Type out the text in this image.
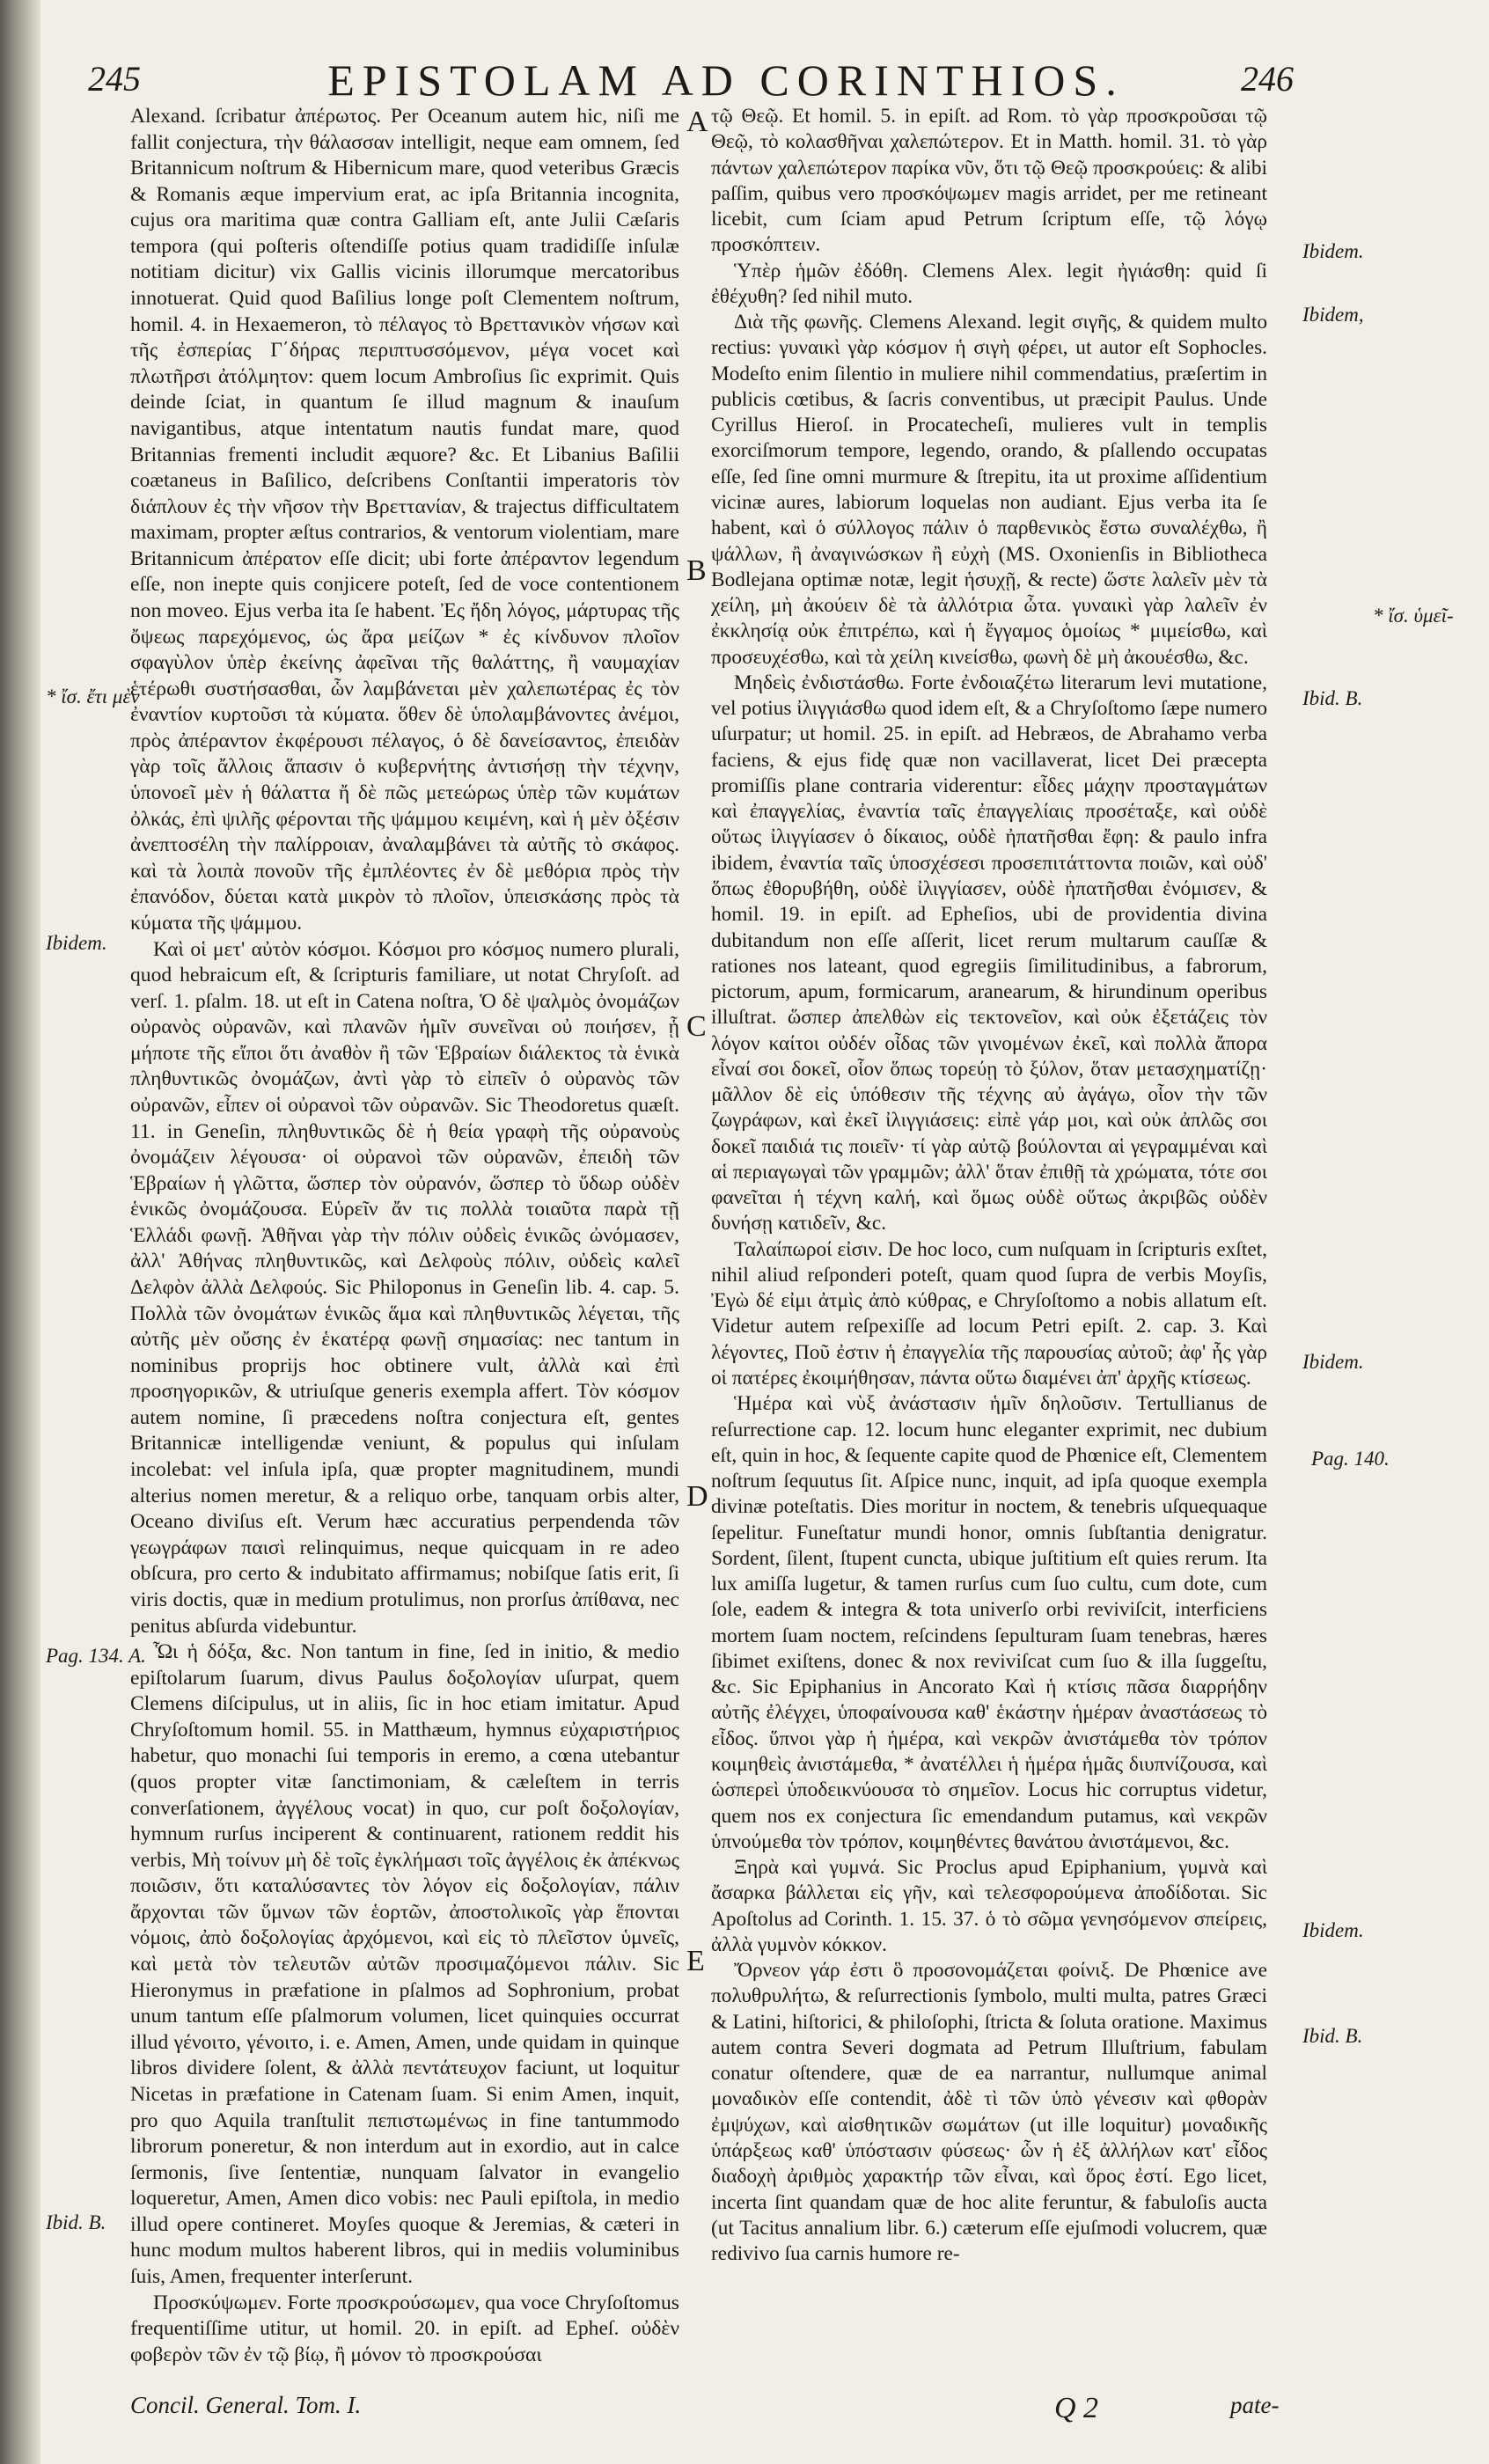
245	EPISTOLAM AD CORINTHIOS.	246
* ἴσ. ἔτι μὲν
Ibidem.
Pag. 134. A.
Ibid. B.
A
B
C
D
E

Alexand. ſcribatur ἀπέρωτος. Per Oceanum autem hic, niſi me fallit conjectura, τὴν θάλασσαν intelligit, neque eam omnem, ſed Britannicum noſtrum & Hibernicum mare, quod veteribus Græcis & Romanis æque impervium erat, ac ipſa Britannia incognita, cujus ora maritima quæ contra Galliam eſt, ante Julii Cæſaris tempora (qui poſteris oſtendiſſe potius quam tradidiſſe inſulæ notitiam dicitur) vix Gallis vicinis illorumque mercatoribus innotuerat. Quid quod Baſilius longe poſt Clementem noſtrum, homil. 4. in Hexaemeron, τὸ πέλαγος τὸ Βρεττανικὸν νήσων καὶ τῆς ἐσπερίας Γ΄δήρας περιπτυσσόμενον, μέγα vocet καὶ πλωτῆρσι ἀτόλμητον: quem locum Ambroſius ſic exprimit. Quis deinde ſciat, in quantum ſe illud magnum & inauſum navigantibus, atque intentatum nautis fundat mare, quod Britannias frementi includit æquore? &c. Et Libanius Baſilii coætaneus in Baſilico, deſcribens Conſtantii imperatoris τὸν διάπλουν ἐς τὴν νῆσον τὴν Βρεττανίαν, & trajectus difficultatem maximam, propter æſtus contrarios, & ventorum violentiam, mare Britannicum ἀπέρατον eſſe dicit; ubi forte ἀπέραντον legendum eſſe, non inepte quis conjicere poteſt, ſed de voce contentionem non moveo. Ejus verba ita ſe habent. Ἐς ἤδη λόγος, μάρτυρας τῆς ὄψεως παρεχόμενος, ὡς ἄρα μείζων * ἐς κίνδυνον πλοῖον σφαγὺλον ὑπὲρ ἐκείνης ἀφεῖναι τῆς θαλάττης, ἢ ναυμαχίαν ἑτέρωθι συστήσασθαι, ὧν λαμβάνεται μὲν χαλεπωτέρας ἐς τὸν ἐναντίον κυρτοῦσι τὰ κύματα. ὅθεν δὲ ὑπολαμβάνοντες ἀνέμοι, πρὸς ἀπέραντον ἐκφέρουσι πέλαγος, ὁ δὲ δανείσαντος, ἐπειδὰν γὰρ τοῖς ἄλλοις ἅπασιν ὁ κυβερνήτης ἀντισήσῃ τὴν τέχνην, ὑπονοεῖ μὲν ἡ θάλαττα ἤ δὲ πῶς μετεώρως ὑπὲρ τῶν κυμάτων ὀλκάς, ἐπὶ ψιλῆς φέρονται τῆς ψάμμου κειμένη, καὶ ἡ μὲν ὀξέσιν ἀνεπτοσέλη τὴν παλίρροιαν, ἀναλαμβάνει τὰ αὐτῆς τὸ σκάφος. καὶ τὰ λοιπὰ πονοῦν τῆς ἐμπλέοντες ἐν δὲ μεθόρια πρὸς τὴν ἐπανόδον, δύεται κατὰ μικρὸν τὸ πλοῖον, ὑπεισκάσης πρὸς τὰ κύματα τῆς ψάμμου.

Καὶ οἱ μετ' αὐτὸν κόσμοι. Κόσμοι pro κόσμος numero plurali, quod hebraicum eſt, & ſcripturis familiare, ut notat Chryſoſt. ad verſ. 1. pſalm. 18. ut eſt in Catena noſtra, Ὁ δὲ ψαλμὸς ὀνομάζων οὐρανὸς οὐρανῶν, καὶ πλανῶν ἡμῖν συνεῖναι οὐ ποιήσεν, ᾗ μήποτε τῆς εἴποι ὅτι ἀναθὸν ἢ τῶν Ἑβραίων διάλεκτος τὰ ἑνικὰ πληθυντικῶς ὀνομάζων, ἀντὶ γὰρ τὸ εἰπεῖν ὁ οὐρανὸς τῶν οὐρανῶν, εἶπεν οἱ οὐρανοὶ τῶν οὐρανῶν. Sic Theodoretus quæſt. 11. in Geneſin, πληθυντικῶς δὲ ἡ θεία γραφὴ τῆς οὐρανοὺς ὀνομάζειν λέγουσα· οἱ οὐρανοὶ τῶν οὐρανῶν, ἐπειδὴ τῶν Ἑβραίων ἡ γλῶττα, ὥσπερ τὸν οὐρανόν, ὥσπερ τὸ ὕδωρ οὐδὲν ἑνικῶς ὀνομάζουσα. Εὑρεῖν ἄν τις πολλὰ τοιαῦτα παρὰ τῇ Ἑλλάδι φωνῇ. Ἀθῆναι γὰρ τὴν πόλιν οὐδεὶς ἑνικῶς ὠνόμασεν, ἀλλ' Ἀθήνας πληθυντικῶς, καὶ Δελφοὺς πόλιν, οὐδεὶς καλεῖ Δελφὸν ἀλλὰ Δελφούς. Sic Philoponus in Geneſin lib. 4. cap. 5. Πολλὰ τῶν ὀνομάτων ἑνικῶς ἅμα καὶ πληθυντικῶς λέγεται, τῆς αὐτῆς μὲν οὔσης ἐν ἑκατέρᾳ φωνῇ σημασίας: nec tantum in nominibus proprijs hoc obtinere vult, ἀλλὰ καὶ ἐπὶ προσηγορικῶν, & utriuſque generis exempla affert. Τὸν κόσμον autem nomine, ſi præcedens noſtra conjectura eſt, gentes Britannicæ intelligendæ veniunt, & populus qui inſulam incolebat: vel inſula ipſa, quæ propter magnitudinem, mundi alterius nomen meretur, & a reliquo orbe, tanquam orbis alter, Oceano diviſus eſt. Verum hæc accuratius perpendenda τῶν γεωγράφων παισὶ relinquimus, neque quicquam in re adeo obſcura, pro certo & indubitato affirmamus; nobiſque ſatis erit, ſi viris doctis, quæ in medium protulimus, non prorſus ἀπίθανα, nec penitus abſurda videbuntur.

Ὧι ἡ δόξα, &c. Non tantum in fine, ſed in initio, & medio epiſtolarum ſuarum, divus Paulus δοξολογίαν uſurpat, quem Clemens diſcipulus, ut in aliis, ſic in hoc etiam imitatur. Apud Chryſoſtomum homil. 55. in Matthæum, hymnus εὐχαριστήριος habetur, quo monachi ſui temporis in eremo, a cœna utebantur (quos propter vitæ ſanctimoniam, & cæleſtem in terris converſationem, ἀγγέλους vocat) in quo, cur poſt δοξολογίαν, hymnum rurſus inciperent & continuarent, rationem reddit his verbis, Μὴ τοίνυν μὴ δὲ τοῖς ἐγκλήμασι τοῖς ἀγγέλοις ἐκ ἀπέκνως ποιῶσιν, ὅτι καταλύσαντες τὸν λόγον εἰς δοξολογίαν, πάλιν ἄρχονται τῶν ὕμνων τῶν ἑορτῶν, ἀποστολικοῖς γὰρ ἕπονται νόμοις, ἀπὸ δοξολογίας ἀρχόμενοι, καὶ εἰς τὸ πλεῖστον ὑμνεῖς, καὶ μετὰ τὸν τελευτῶν αὐτῶν προσιμαζόμενοι πάλιν. Sic Hieronymus in præfatione in pſalmos ad Sophronium, probat unum tantum eſſe pſalmorum volumen, licet quinquies occurrat illud γένοιτο, γένοιτο, i. e. Amen, Amen, unde quidam in quinque libros dividere ſolent, & ἀλλὰ πεντάτευχον faciunt, ut loquitur Nicetas in præfatione in Catenam ſuam. Si enim Amen, inquit, pro quo Aquila tranſtulit πεπιστωμένως in fine tantummodo librorum poneretur, & non interdum aut in exordio, aut in calce ſermonis, ſive ſententiæ, nunquam ſalvator in evangelio loqueretur, Amen, Amen dico vobis: nec Pauli epiſtola, in medio illud opere contineret. Moyſes quoque & Jeremias, & cæteri in hunc modum multos haberent libros, qui in mediis voluminibus ſuis, Amen, frequenter interſerunt.

Προσκύψωμεν. Forte προσκρούσωμεν, qua voce Chryſoſtomus frequentiſſime utitur, ut homil. 20. in epiſt. ad Epheſ. οὐδὲν φοβερὸν τῶν ἐν τῷ βίῳ, ἢ μόνον τὸ προσκρούσαι

τῷ Θεῷ. Et homil. 5. in epiſt. ad Rom. τὸ γὰρ προσκροῦσαι τῷ Θεῷ, τὸ κολασθῆναι χαλεπώτερον. Et in Matth. homil. 31. τὸ γὰρ πάντων χαλεπώτερον παρίκα νῦν, ὅτι τῷ Θεῷ προσκρούεις: & alibi paſſim, quibus vero προσκόψωμεν magis arridet, per me retineant licebit, cum ſciam apud Petrum ſcriptum eſſe, τῷ λόγῳ προσκόπτειν.

Ὑπὲρ ἡμῶν ἐδόθη. Clemens Alex. legit ἠγιάσθη: quid ſi ἐθέχυθη? ſed nihil muto.

Διὰ τῆς φωνῆς. Clemens Alexand. legit σιγῆς, & quidem multo rectius: γυναικὶ γὰρ κόσμον ἡ σιγὴ φέρει, ut autor eſt Sophocles. Modeſto enim ſilentio in muliere nihil commendatius, præſertim in publicis cœtibus, & ſacris conventibus, ut præcipit Paulus. Unde Cyrillus Hieroſ. in Procatecheſi, mulieres vult in templis exorciſmorum tempore, legendo, orando, & pſallendo occupatas eſſe, ſed ſine omni murmure & ſtrepitu, ita ut proxime aſſidentium vicinæ aures, labiorum loquelas non audiant. Ejus verba ita ſe habent, καὶ ὁ σύλλογος πάλιν ὁ παρθενικὸς ἔστω συναλέχθω, ἢ ψάλλων, ἢ ἀναγινώσκων ἢ εὐχὴ (MS. Oxonienſis in Bibliotheca Bodlejana optimæ notæ, legit ἡσυχῇ, & recte) ὥστε λαλεῖν μὲν τὰ χείλη, μὴ ἀκούειν δὲ τὰ ἀλλότρια ὦτα. γυναικὶ γὰρ λαλεῖν ἐν ἐκκλησίᾳ οὐκ ἐπιτρέπω, καὶ ἡ ἔγγαμος ὁμοίως * μιμείσθω, καὶ προσευχέσθω, καὶ τὰ χείλη κινείσθω, φωνὴ δὲ μὴ ἀκουέσθω, &c.

Μηδεὶς ἐνδιστάσθω. Forte ἐνδοιαζέτω literarum levi mutatione, vel potius ἰλιγγιάσθω quod idem eſt, & a Chryſoſtomo ſæpe numero uſurpatur; ut homil. 25. in epiſt. ad Hebræos, de Abrahamo verba faciens, & ejus fidę quæ non vacillaverat, licet Dei præcepta promiſſis plane contraria viderentur: εἶδες μάχην προσταγμάτων καὶ ἐπαγγελίας, ἐναντία ταῖς ἐπαγγελίαις προσέταξε, καὶ οὐδὲ οὕτως ἰλιγγίασεν ὁ δίκαιος, οὐδὲ ἠπατῆσθαι ἔφη: & paulo infra ibidem, ἐναντία ταῖς ὑποσχέσεσι προσεπιτάττοντα ποιῶν, καὶ οὐδ' ὅπως ἐθορυβήθη, οὐδὲ ἰλιγγίασεν, οὐδὲ ἠπατῆσθαι ἐνόμισεν, & homil. 19. in epiſt. ad Epheſios, ubi de providentia divina dubitandum non eſſe aſſerit, licet rerum multarum cauſſæ & rationes nos lateant, quod egregiis ſimilitudinibus, a fabrorum, pictorum, apum, formicarum, aranearum, & hirundinum operibus illuſtrat. ὥσπερ ἀπελθὼν εἰς τεκτονεῖον, καὶ οὐκ ἐξετάζεις τὸν λόγον καίτοι οὐδέν οἶδας τῶν γινομένων ἐκεῖ, καὶ πολλὰ ἄπορα εἶναί σοι δοκεῖ, οἷον ὅπως τορεύῃ τὸ ξύλον, ὅταν μετασχηματίζῃ· μᾶλλον δὲ εἰς ὑπόθεσιν τῆς τέχνης αὐ ἀγάγω, οἷον τὴν τῶν ζωγράφων, καὶ ἐκεῖ ἰλιγγιάσεις: εἰπὲ γάρ μοι, καὶ οὐκ ἀπλῶς σοι δοκεῖ παιδιά τις ποιεῖν· τί γὰρ αὐτῷ βούλονται αἱ γεγραμμέναι καὶ αἱ περιαγωγαὶ τῶν γραμμῶν; ἀλλ' ὅταν ἐπιθῇ τὰ χρώματα, τότε σοι φανεῖται ἡ τέχνη καλή, καὶ ὅμως οὐδὲ οὕτως ἀκριβῶς οὐδὲν δυνήσῃ κατιδεῖν, &c.

Ταλαίπωροί εἰσιν. De hoc loco, cum nuſquam in ſcripturis exſtet, nihil aliud reſponderi poteſt, quam quod ſupra de verbis Moyſis, Ἐγὼ δέ εἰμι ἀτμὶς ἀπὸ κύθρας, e Chryſoſtomo a nobis allatum eſt. Videtur autem reſpexiſſe ad locum Petri epiſt. 2. cap. 3. Καὶ λέγοντες, Ποῦ ἐστιν ἡ ἐπαγγελία τῆς παρουσίας αὐτοῦ; ἀφ' ἧς γὰρ οἱ πατέρες ἐκοιμήθησαν, πάντα οὕτω διαμένει ἀπ' ἀρχῆς κτίσεως.

Ἡμέρα καὶ νὺξ ἀνάστασιν ἡμῖν δηλοῦσιν. Tertullianus de reſurrectione cap. 12. locum hunc eleganter exprimit, nec dubium eſt, quin in hoc, & ſequente capite quod de Phœnice eſt, Clementem noſtrum ſequutus ſit. Aſpice nunc, inquit, ad ipſa quoque exempla divinæ poteſtatis. Dies moritur in noctem, & tenebris uſquequaque ſepelitur. Funeſtatur mundi honor, omnis ſubſtantia denigratur. Sordent, ſilent, ſtupent cuncta, ubique juſtitium eſt quies rerum. Ita lux amiſſa lugetur, & tamen rurſus cum ſuo cultu, cum dote, cum ſole, eadem & integra & tota univerſo orbi reviviſcit, interficiens mortem ſuam noctem, reſcindens ſepulturam ſuam tenebras, hæres ſibimet exiſtens, donec & nox reviviſcat cum ſuo & illa ſuggeſtu, &c. Sic Epiphanius in Ancorato Καὶ ἡ κτίσις πᾶσα διαρρήδην αὐτῆς ἐλέγχει, ὑποφαίνουσα καθ' ἑκάστην ἡμέραν ἀναστάσεως τὸ εἶδος. ὕπνοι γὰρ ἡ ἡμέρα, καὶ νεκρῶν ἀνιστάμεθα τὸν τρόπον κοιμηθεὶς ἀνιστάμεθα, * ἀνατέλλει ἡ ἡμέρα ἡμᾶς διυπνίζουσα, καὶ ὡσπερεὶ ὑποδεικνύουσα τὸ σημεῖον. Locus hic corruptus videtur, quem nos ex conjectura ſic emendandum putamus, καὶ νεκρῶν ὑπνούμεθα τὸν τρόπον, κοιμηθέντες θανάτου ἀνιστάμενοι, &c.

Ξηρὰ καὶ γυμνά. Sic Proclus apud Epiphanium, γυμνὰ καὶ ἄσαρκα βάλλεται εἰς γῆν, καὶ τελεσφορούμενα ἀποδίδοται. Sic Apoſtolus ad Corinth. 1. 15. 37. ὁ τὸ σῶμα γενησόμενον σπείρεις, ἀλλὰ γυμνὸν κόκκον.

Ὄρνεον γάρ ἐστι ὃ προσονομάζεται φοίνιξ. De Phœnice ave πολυθρυλήτω, & reſurrectionis ſymbolo, multi multa, patres Græci & Latini, hiſtorici, & philoſophi, ſtricta & ſoluta oratione. Maximus autem contra Severi dogmata ad Petrum Illuſtrium, fabulam conatur oſtendere, quæ de ea narrantur, nullumque animal μοναδικὸν eſſe contendit, ἀδὲ τὶ τῶν ὑπὸ γένεσιν καὶ φθορὰν ἐμψύχων, καὶ αἰσθητικῶν σωμάτων (ut ille loquitur) μοναδικῆς ὑπάρξεως καθ' ὑπόστασιν φύσεως· ὧν ἡ ἐξ ἀλλήλων κατ' εἶδος διαδοχὴ ἀριθμὸς χαρακτήρ τῶν εἶναι, καὶ ὅρος ἐστί. Ego licet, incerta ſint quandam quæ de hoc alite feruntur, & fabuloſis aucta (ut Tacitus annalium libr. 6.) cæterum eſſe ejuſmodi volucrem, quæ redivivo ſua carnis humore re-

Ibidem.
Ibidem,
* ἴσ. ὑμεῖ-
Ibid. B.
Ibidem.
Pag. 140.
Ibidem.
Ibid. B.
Concil. General. Tom. I.	Q 2	pate-
